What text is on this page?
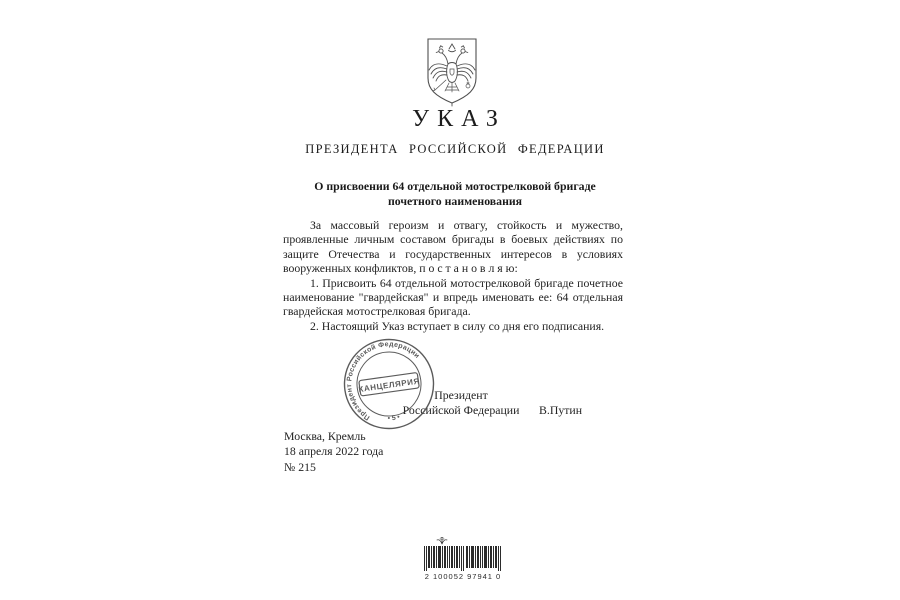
УКАЗ
ПРЕЗИДЕНТА РОССИЙСКОЙ ФЕДЕРАЦИИ
О присвоении 64 отдельной мотострелковой бригаде
почетного наименования

За массовый героизм и отвагу, стойкость и мужество, проявленные личным составом бригады в боевых действиях по защите Отечества и государственных интересов в условиях вооруженных конфликтов, п о с т а н о в л я ю:

1. Присвоить 64 отдельной мотострелковой бригаде почетное наименование "гвардейская" и впредь именовать ее: 64 отдельная гвардейская мотострелковая бригада.

2. Настоящий Указ вступает в силу со дня его подписания.

Президент
Российской Федерации В.Путин
Президент Российской Федерации
• 5 •
КАНЦЕЛЯРИЯ
Москва, Кремль
18 апреля 2022 года
№ 215
2 100052 97941 0
